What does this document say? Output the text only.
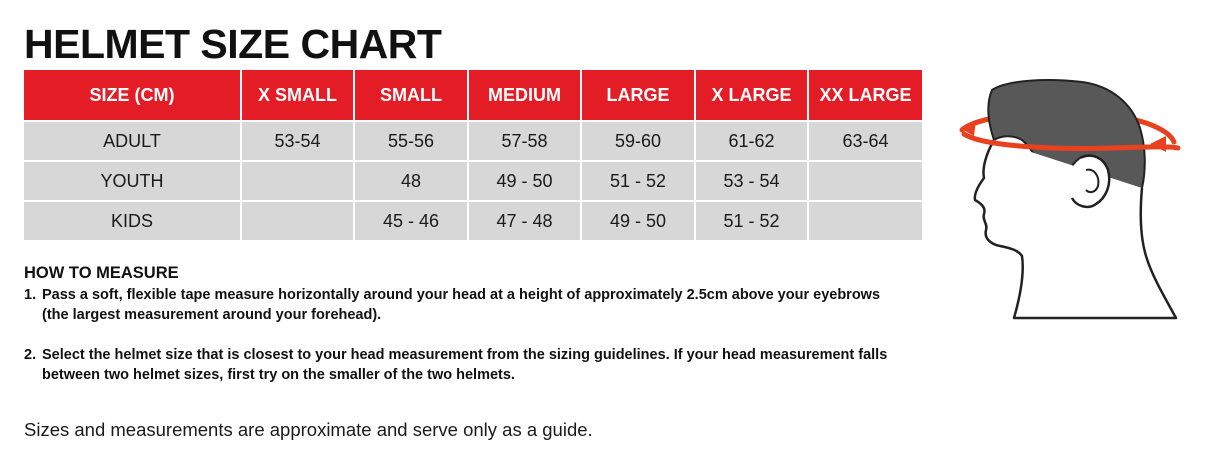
HELMET SIZE CHART
SIZE (CM)	X SMALL	SMALL	MEDIUM	LARGE	X LARGE	XX LARGE
ADULT	53-54	55-56	57-58	59-60	61-62	63-64
YOUTH		48	49 - 50	51 - 52	53 - 54	
KIDS		45 - 46	47 - 48	49 - 50	51 - 52	
HOW TO MEASURE
1. Pass a soft, flexible tape measure horizontally around your head at a height of approximately 2.5cm above your eyebrows (the largest measurement around your forehead).
2. Select the helmet size that is closest to your head measurement from the sizing guidelines. If your head measurement falls between two helmet sizes, first try on the smaller of the two helmets.

Sizes and measurements are approximate and serve only as a guide.
